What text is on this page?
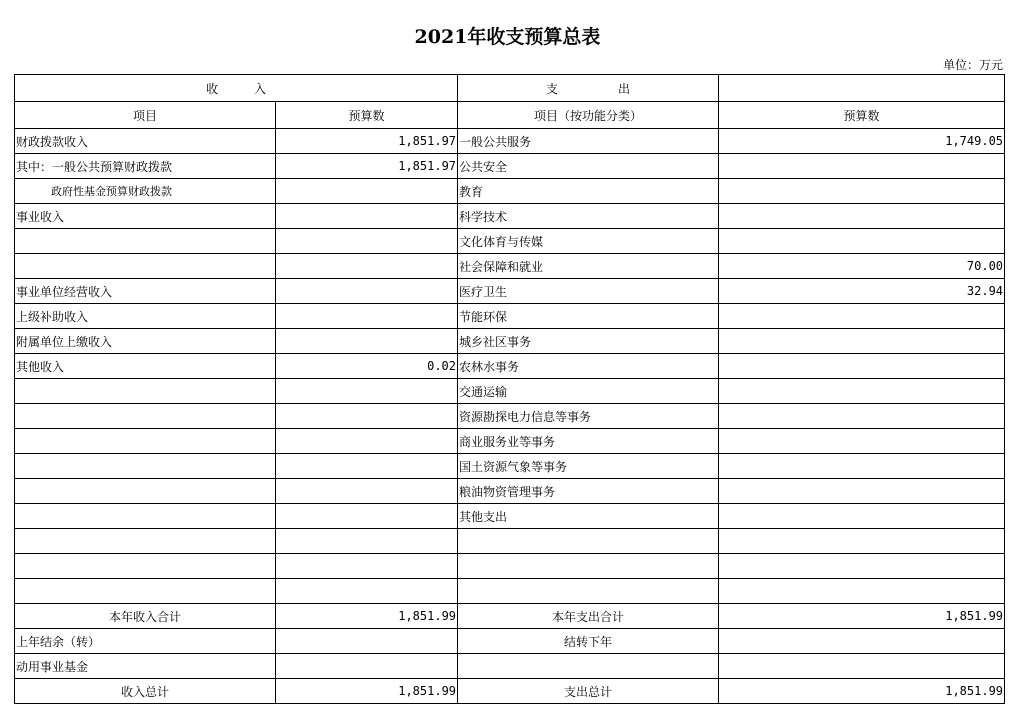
2021年收支预算总表
单位：万元
收　　　入		支　　　　　出	
项目	预算数	项目（按功能分类）	预算数
财政拨款收入	1,851.97	一般公共服务	1,749.05
其中：一般公共预算财政拨款	1,851.97	公共安全	
政府性基金预算财政拨款		教育	
事业收入		科学技术	
		文化体育与传媒	
		社会保障和就业	70.00
事业单位经营收入		医疗卫生	32.94
上级补助收入		节能环保	
附属单位上缴收入		城乡社区事务	
其他收入	0.02	农林水事务	
		交通运输	
		资源勘探电力信息等事务	
		商业服务业等事务	
		国土资源气象等事务	
		粮油物资管理事务	
		其他支出	

本年收入合计	1,851.99	本年支出合计	1,851.99
上年结余（转）		结转下年	
动用事业基金			
收入总计	1,851.99	支出总计	1,851.99
